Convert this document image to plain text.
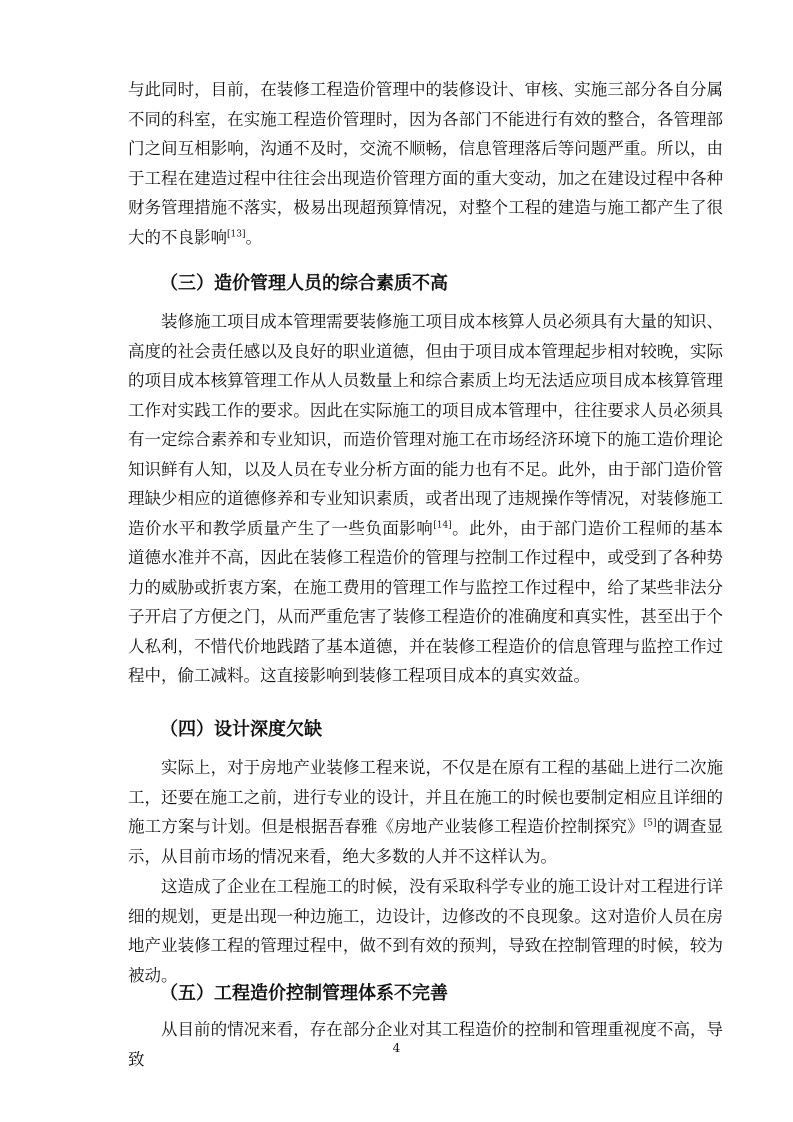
与此同时，目前，在装修工程造价管理中的装修设计、审核、实施三部分各自分属不同的科室，在实施工程造价管理时，因为各部门不能进行有效的整合，各管理部门之间互相影响，沟通不及时，交流不顺畅，信息管理落后等问题严重。所以，由于工程在建造过程中往往会出现造价管理方面的重大变动，加之在建设过程中各种财务管理措施不落实，极易出现超预算情况，对整个工程的建造与施工都产生了很大的不良影响[13]。

（三）造价管理人员的综合素质不高

装修施工项目成本管理需要装修施工项目成本核算人员必须具有大量的知识、高度的社会责任感以及良好的职业道德，但由于项目成本管理起步相对较晚，实际的项目成本核算管理工作从人员数量上和综合素质上均无法适应项目成本核算管理工作对实践工作的要求。因此在实际施工的项目成本管理中，往往要求人员必须具有一定综合素养和专业知识，而造价管理对施工在市场经济环境下的施工造价理论知识鲜有人知，以及人员在专业分析方面的能力也有不足。此外，由于部门造价管理缺少相应的道德修养和专业知识素质，或者出现了违规操作等情况，对装修施工造价水平和教学质量产生了一些负面影响[14]。此外，由于部门造价工程师的基本道德水准并不高，因此在装修工程造价的管理与控制工作过程中，或受到了各种势力的威胁或折衷方案，在施工费用的管理工作与监控工作过程中，给了某些非法分子开启了方便之门，从而严重危害了装修工程造价的准确度和真实性，甚至出于个人私利，不惜代价地践踏了基本道德，并在装修工程造价的信息管理与监控工作过程中，偷工减料。这直接影响到装修工程项目成本的真实效益。

（四）设计深度欠缺

实际上，对于房地产业装修工程来说，不仅是在原有工程的基础上进行二次施工，还要在施工之前，进行专业的设计，并且在施工的时候也要制定相应且详细的施工方案与计划。但是根据吾春雅《房地产业装修工程造价控制探究》[5]的调查显示，从目前市场的情况来看，绝大多数的人并不这样认为。

这造成了企业在工程施工的时候，没有采取科学专业的施工设计对工程进行详细的规划，更是出现一种边施工，边设计，边修改的不良现象。这对造价人员在房地产业装修工程的管理过程中，做不到有效的预判，导致在控制管理的时候，较为被动。

（五）工程造价控制管理体系不完善

从目前的情况来看，存在部分企业对其工程造价的控制和管理重视度不高，导致

4
